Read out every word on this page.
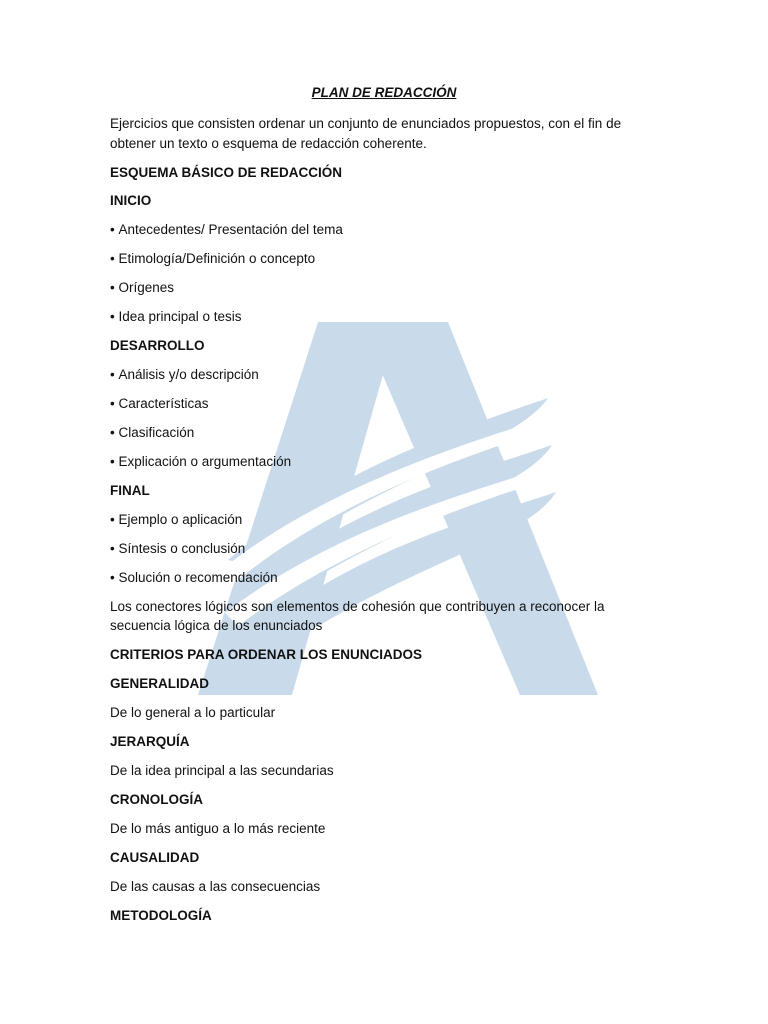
PLAN DE REDACCIÓN
Ejercicios que consisten ordenar un conjunto de enunciados propuestos, con el fin de
obtener un texto o esquema de redacción coherente.
ESQUEMA BÁSICO DE REDACCIÓN
INICIO
• Antecedentes/ Presentación del tema
• Etimología/Definición o concepto
• Orígenes
• Idea principal o tesis
DESARROLLO
• Análisis y/o descripción
• Características
• Clasificación
• Explicación o argumentación
FINAL
• Ejemplo o aplicación
• Síntesis o conclusión
• Solución o recomendación
Los conectores lógicos son elementos de cohesión que contribuyen a reconocer la
secuencia lógica de los enunciados
CRITERIOS PARA ORDENAR LOS ENUNCIADOS
GENERALIDAD
De lo general a lo particular
JERARQUÍA
De la idea principal a las secundarias
CRONOLOGÍA
De lo más antiguo a lo más reciente
CAUSALIDAD
De las causas a las consecuencias
METODOLOGÍA
